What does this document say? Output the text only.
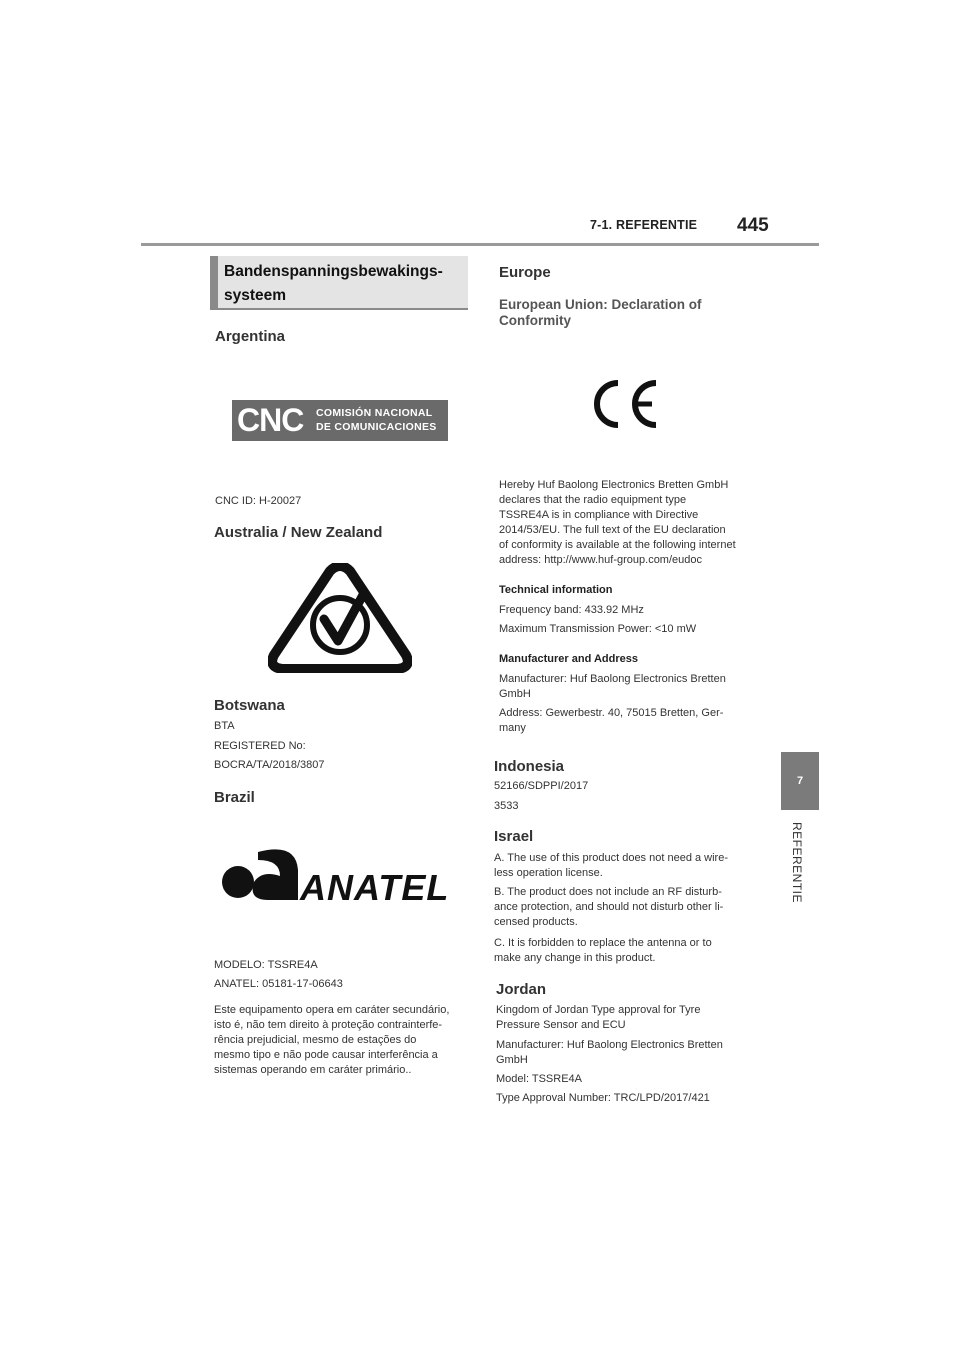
7-1. REFERENTIE 445
7
REFERENTIE
Bandenspanningsbewakings-
systeem
Argentina
CNC COMISIÓN NACIONAL
DE COMUNICACIONES
CNC ID: H-20027
Australia / New Zealand
Botswana
BTA
REGISTERED No:
BOCRA/TA/2018/3807
Brazil
ANATEL
MODELO: TSSRE4A
ANATEL: 05181-17-06643
Este equipamento opera em caráter secundário,
isto é, não tem direito à proteção contrainterfe-
rência prejudicial, mesmo de estações do
mesmo tipo e não pode causar interferência a
sistemas operando em caráter primário..
Europe
European Union: Declaration of
Conformity
Hereby Huf Baolong Electronics Bretten GmbH
declares that the radio equipment type
TSSRE4A is in compliance with Directive
2014/53/EU. The full text of the EU declaration
of conformity is available at the following internet
address: http://www.huf-group.com/eudoc
Technical information
Frequency band: 433.92 MHz
Maximum Transmission Power: <10 mW
Manufacturer and Address
Manufacturer: Huf Baolong Electronics Bretten
GmbH
Address: Gewerbestr. 40, 75015 Bretten, Ger-
many
Indonesia
52166/SDPPI/2017
3533
Israel
A. The use of this product does not need a wire-
less operation license.
B. The product does not include an RF disturb-
ance protection, and should not disturb other li-
censed products.
C. It is forbidden to replace the antenna or to
make any change in this product.
Jordan
Kingdom of Jordan Type approval for Tyre
Pressure Sensor and ECU
Manufacturer: Huf Baolong Electronics Bretten
GmbH
Model: TSSRE4A
Type Approval Number: TRC/LPD/2017/421
